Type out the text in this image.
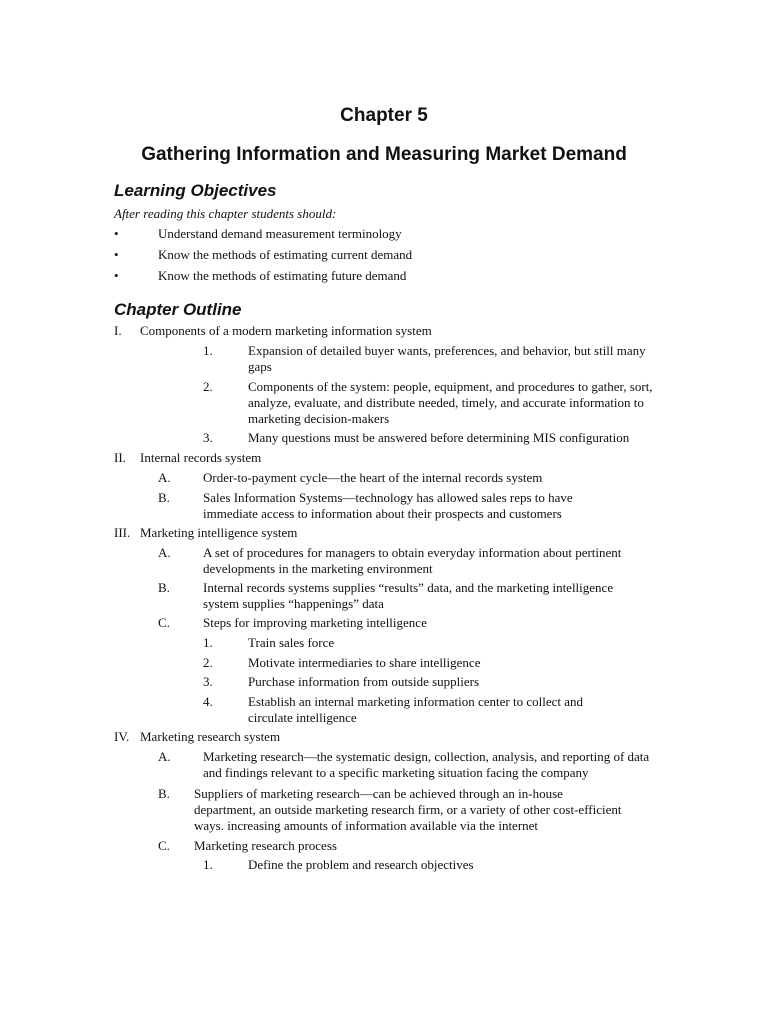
Chapter 5
Gathering Information and Measuring Market Demand
Learning Objectives

After reading this chapter students should:

•	Understand demand measurement terminology
•	Know the methods of estimating current demand
•	Know the methods of estimating future demand
Chapter Outline
I. Components of a modern marketing information system
1.	Expansion of detailed buyer wants, preferences, and behavior, but still many gaps
2.	Components of the system: people, equipment, and procedures to gather, sort, analyze, evaluate, and distribute needed, timely, and accurate information to marketing decision-makers
3.	Many questions must be answered before determining MIS configuration
II. Internal records system
A. Order-to-payment cycle—the heart of the internal records system
B.	Sales Information Systems—technology has allowed sales reps to have immediate access to information about their prospects and customers
III. Marketing intelligence system
A. A set of procedures for managers to obtain everyday information about pertinent developments in the marketing environment
B.	Internal records systems supplies “results” data, and the marketing intelligence system supplies “happenings” data
C.	Steps for improving marketing intelligence
1.	Train sales force
2.	Motivate intermediaries to share intelligence
3.	Purchase information from outside suppliers
4.	Establish an internal marketing information center to collect and circulate intelligence
IV. Marketing research system
A. Marketing research—the systematic design, collection, analysis, and reporting of data and findings relevant to a specific marketing situation facing the company
B. Suppliers of marketing research—can be achieved through an in-house department, an outside marketing research firm, or a variety of other cost-efficient ways. increasing amounts of information available via the internet
C. Marketing research process
1.	Define the problem and research objectives
